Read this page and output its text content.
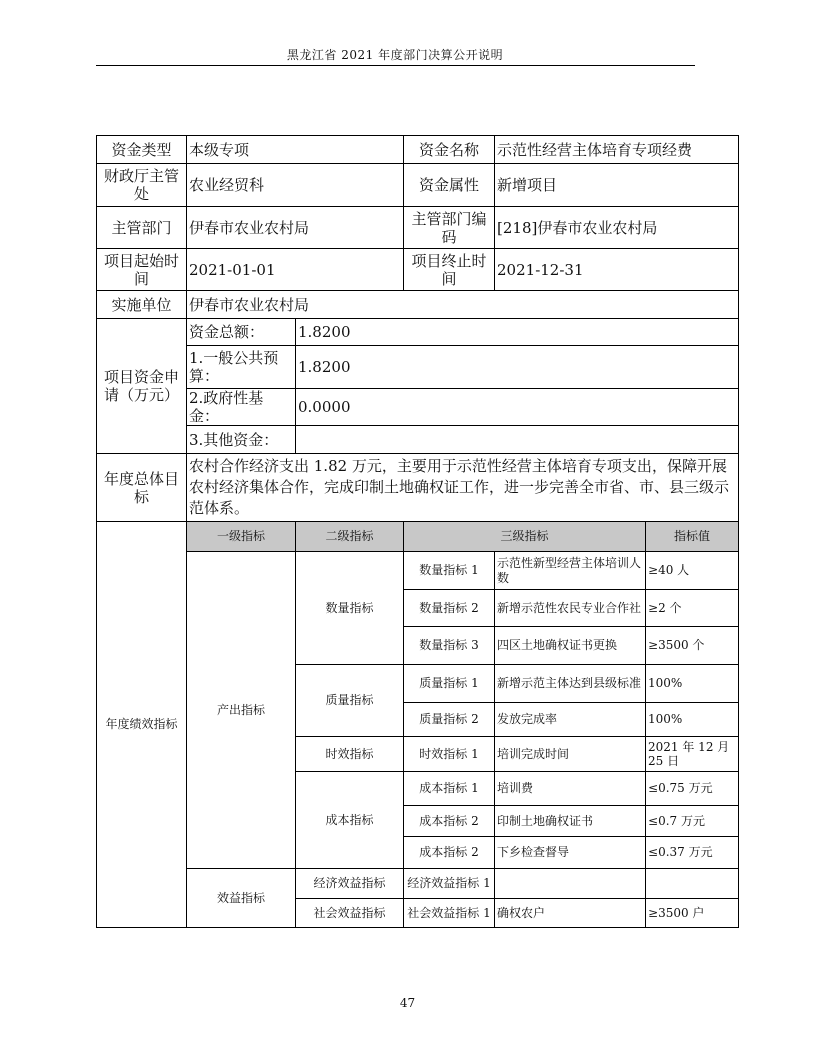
黑龙江省 2021 年度部门决算公开说明
资金类型	本级专项		资金名称	示范性经营主体培育专项经费	
财政厅主管处	农业经贸科		资金属性	新增项目	
主管部门	伊春市农业农村局		主管部门编码	[218]伊春市农业农村局	
项目起始时间	2021-01-01		项目终止时间	2021-12-31	
实施单位	伊春市农业农村局				
项目资金申请（万元）	资金总额：	1.8200			
	1.一般公共预算：	1.8200			
	2.政府性基金：	0.0000			
	3.其他资金：				
年度总体目标	农村合作经济支出 1.82 万元，主要用于示范性经营主体培育专项支出，保障开展农村经济集体合作，完成印制土地确权证工作，进一步完善全市省、市、县三级示范体系。				
年度绩效指标	一级指标	二级指标	三级指标		指标值
	产出指标	数量指标	数量指标 1	示范性新型经营主体培训人数	≥40 人
			数量指标 2	新增示范性农民专业合作社	≥2 个
			数量指标 3	四区土地确权证书更换	≥3500 个
		质量指标	质量指标 1	新增示范主体达到县级标准	100%
			质量指标 2	发放完成率	100%
		时效指标	时效指标 1	培训完成时间	2021 年 12 月 25 日
		成本指标	成本指标 1	培训费	≤0.75 万元
			成本指标 2	印制土地确权证书	≤0.7 万元
			成本指标 2	下乡检查督导	≤0.37 万元
	效益指标	经济效益指标	经济效益指标 1		
		社会效益指标	社会效益指标 1	确权农户	≥3500 户
47
